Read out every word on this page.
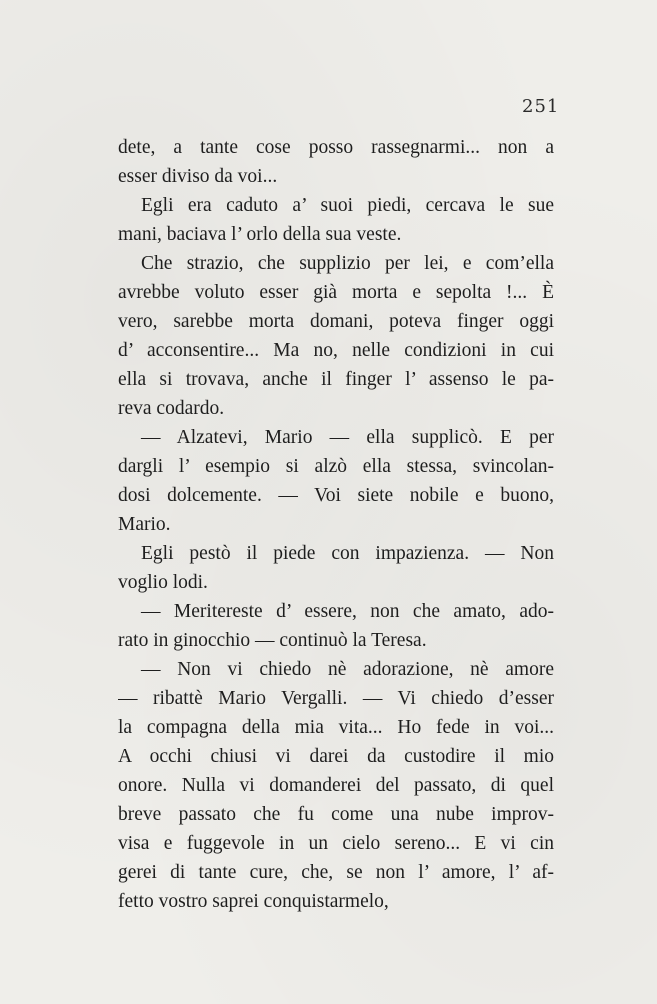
251
dete, a tante cose posso rassegnarmi... non a
esser diviso da voi...
Egli era caduto a’ suoi piedi, cercava le sue
mani, baciava l’ orlo della sua veste.
Che strazio, che supplizio per lei, e com’ella
avrebbe voluto esser già morta e sepolta !... È
vero, sarebbe morta domani, poteva finger oggi
d’ acconsentire... Ma no, nelle condizioni in cui
ella si trovava, anche il finger l’ assenso le pa-
reva codardo.
— Alzatevi, Mario — ella supplicò. E per
dargli l’ esempio si alzò ella stessa, svincolan-
dosi dolcemente. — Voi siete nobile e buono,
Mario.
Egli pestò il piede con impazienza. — Non
voglio lodi.
— Meritereste d’ essere, non che amato, ado-
rato in ginocchio — continuò la Teresa.
— Non vi chiedo nè adorazione, nè amore
— ribattè Mario Vergalli. — Vi chiedo d’esser
la compagna della mia vita... Ho fede in voi...
A occhi chiusi vi darei da custodire il mio
onore. Nulla vi domanderei del passato, di quel
breve passato che fu come una nube improv-
visa e fuggevole in un cielo sereno... E vi cin
gerei di tante cure, che, se non l’ amore, l’ af-
fetto vostro saprei conquistarmelo,
